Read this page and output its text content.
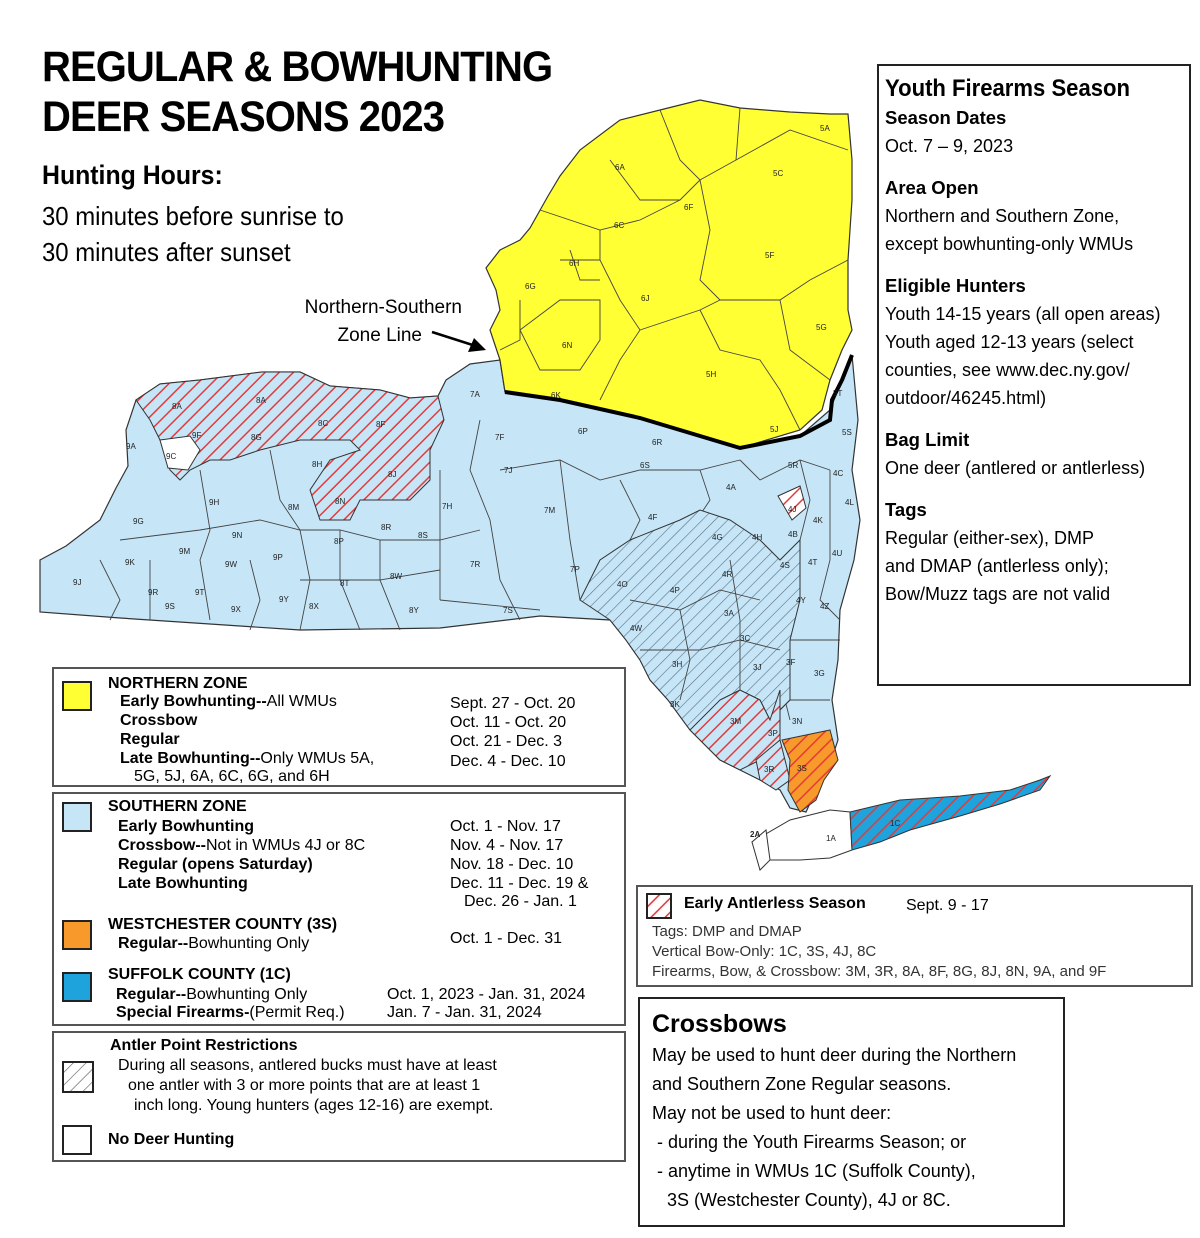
5A
5C
5F
5G
5H
5J
6A
6F
6C
6H
6G
6J
6N
6K
7A
6P
6R
7F
5S
5T
5R
6S
7J	4C
4A
4L
4J
4F
7M
7H
4K
4G	4H	4B
4U
4S 4T
4R
7P
7R
4O
4P
4Y
4Z
7S	3A
4W
3C
3F
3H	3J
3G
3K
3M	3N
3P
3R	3S
1C
1A
2A
8A
8A
8C	8F
9F	8G
9A
9C
8H
8J
8N
9H
8M
8R
9G
9N	8S
8P
9M
9P
9K	9W
8W
8T
9J
9R	9T
9Y
9S	8X
9X	8Y
REGULAR & BOWHUNTING
DEER SEASONS 2023
Hunting Hours:
30 minutes before sunrise to
30 minutes after sunset
Northern-Southern
Zone Line
Youth Firearms Season
Season Dates
Oct. 7 – 9, 2023
Area Open
Northern and Southern Zone,
except bowhunting-only WMUs
Eligible Hunters
Youth 14-15 years (all open areas)
Youth aged 12-13 years (select
counties, see www.dec.ny.gov/
outdoor/46245.html)
Bag Limit
One deer (antlered or antlerless)
Tags
Regular (either-sex), DMP
and DMAP (antlerless only);
Bow/Muzz tags are not valid
NORTHERN ZONE
Early Bowhunting--All WMUs	Sept. 27 - Oct. 20
Crossbow	Oct. 11 - Oct. 20
Regular	Oct. 21 - Dec. 3
Late Bowhunting--Only WMUs 5A,	Dec. 4 - Dec. 10
5G, 5J, 6A, 6C, 6G, and 6H
SOUTHERN ZONE
Early Bowhunting	Oct. 1 - Nov. 17
Crossbow--Not in WMUs 4J or 8C	Nov. 4 - Nov. 17
Regular (opens Saturday)	Nov. 18 - Dec. 10
Late Bowhunting	Dec. 11 - Dec. 19 &
Dec. 26 - Jan. 1
WESTCHESTER COUNTY (3S)
Regular--Bowhunting Only	Oct. 1 - Dec. 31
SUFFOLK COUNTY (1C)
Regular--Bowhunting Only	Oct. 1, 2023 - Jan. 31, 2024
Special Firearms-(Permit Req.)	Jan. 7 - Jan. 31, 2024
Antler Point Restrictions
During all seasons, antlered bucks must have at least
one antler with 3 or more points that are at least 1
inch long. Young hunters (ages 12-16) are exempt.
No Deer Hunting
Early Antlerless Season	Sept. 9 - 17
Tags: DMP and DMAP
Vertical Bow-Only: 1C, 3S, 4J, 8C
Firearms, Bow, & Crossbow: 3M, 3R, 8A, 8F, 8G, 8J, 8N, 9A, and 9F
Crossbows
May be used to hunt deer during the Northern
and Southern Zone Regular seasons.
May not be used to hunt deer:
- during the Youth Firearms Season; or
- anytime in WMUs 1C (Suffolk County),
3S (Westchester County), 4J or 8C.
